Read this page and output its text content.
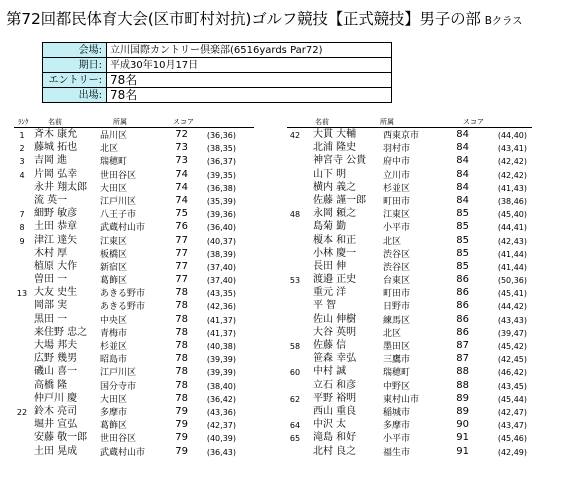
第72回都民体育大会(区市町村対抗)ゴルフ競技【正式競技】男子の部 Bクラス
会場:	立川国際カントリー倶楽部(6516yards Par72)
期日:	平成30年10月17日
エントリー:	78名
出場:	78名
ﾗﾝｸ	名前	所属	スコア
1 斉木 康允	品川区	72	(36,36)
2 藤城 拓也	北区	73	(38,35)
3 吉岡 進	瑞穂町	73	(36,37)
4 片岡 弘幸	世田谷区	74	(39,35)
永井 翔太郎 大田区	74	(36,38)
流 英一	江戸川区	74	(35,39)
7 細野 敏彦	八王子市	75	(39,36)
8 土田 恭章	武蔵村山市	76	(36,40)
9 津江 達矢	江東区	77	(40,37)
木村 厚	板橋区	77	(38,39)
植原 大作	新宿区	77	(37,40)
曽田 一	葛飾区	77	(37,40)
13 大友 史生	あきる野市	78	(43,35)
岡部 実	あきる野市	78	(42,36)
黒田 一	中央区	78	(41,37)
来住野 忠之 青梅市	78	(41,37)
大場 邦夫	杉並区	78	(40,38)
広野 幾男	昭島市	78	(39,39)
磯山 喜一	江戸川区	78	(39,39)
高橋 隆	国分寺市	78	(38,40)
仲戸川 慶	大田区	78	(36,42)
22 鈴木 亮司	多摩市	79	(43,36)
堀井 宣弘	葛飾区	79	(42,37)
安藤 敬一郎 世田谷区	79	(40,39)
土田 晃成	武蔵村山市	79	(36,43)
名前	所属	スコア
42 大貫 大輔	西東京市	84	(44,40)
北浦 隆史	羽村市	84	(43,41)
神宮寺 公貴 府中市	84	(42,42)
山下 明	立川市	84	(42,42)
横内 義之	杉並区	84	(41,43)
佐藤 謹一郎 町田市	84	(38,46)
48 永岡 頼之	江東区	85	(45,40)
島菊 勤	小平市	85	(44,41)
榎本 和正	北区	85	(42,43)
小林 慶一	渋谷区	85	(41,44)
長田 伸	渋谷区	85	(41,44)
53 渡邉 正史	台東区	86	(50,36)
重元 洋	町田市	86	(45,41)
平 智	日野市	86	(44,42)
佐山 伸樹	練馬区	86	(43,43)
大谷 英明	北区	86	(39,47)
58 佐藤 信	墨田区	87	(45,42)
笹森 幸弘	三鷹市	87	(42,45)
60 中村 誠	瑞穂町	88	(46,42)
立石 和彦	中野区	88	(43,45)
62 平野 裕明	東村山市	89	(45,44)
西山 重良	稲城市	89	(42,47)
64 中沢 太	多摩市	90	(43,47)
65 滝島 和好	小平市	91	(45,46)
北村 良之	福生市	91	(42,49)
